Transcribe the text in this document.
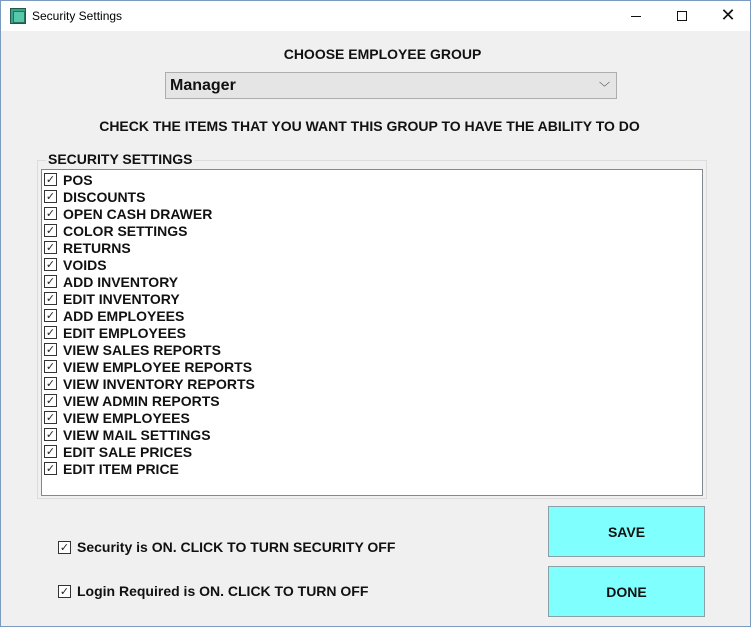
Security Settings	✕
CHOOSE EMPLOYEE GROUP
Manager	﹀
CHECK THE ITEMS THAT YOU WANT THIS GROUP TO HAVE THE ABILITY TO DO
SECURITY SETTINGS
✓ POS
✓ DISCOUNTS
✓ OPEN CASH DRAWER
✓ COLOR SETTINGS
✓ RETURNS
✓ VOIDS
✓ ADD INVENTORY
✓ EDIT INVENTORY
✓ ADD EMPLOYEES
✓ EDIT EMPLOYEES
✓ VIEW SALES REPORTS
✓ VIEW EMPLOYEE REPORTS
✓ VIEW INVENTORY REPORTS
✓ VIEW ADMIN REPORTS
✓ VIEW EMPLOYEES
✓ VIEW MAIL SETTINGS
✓ EDIT SALE PRICES
✓ EDIT ITEM PRICE
✓ Security is ON. CLICK TO TURN SECURITY OFF
✓ Login Required is ON. CLICK TO TURN OFF
SAVE
DONE
